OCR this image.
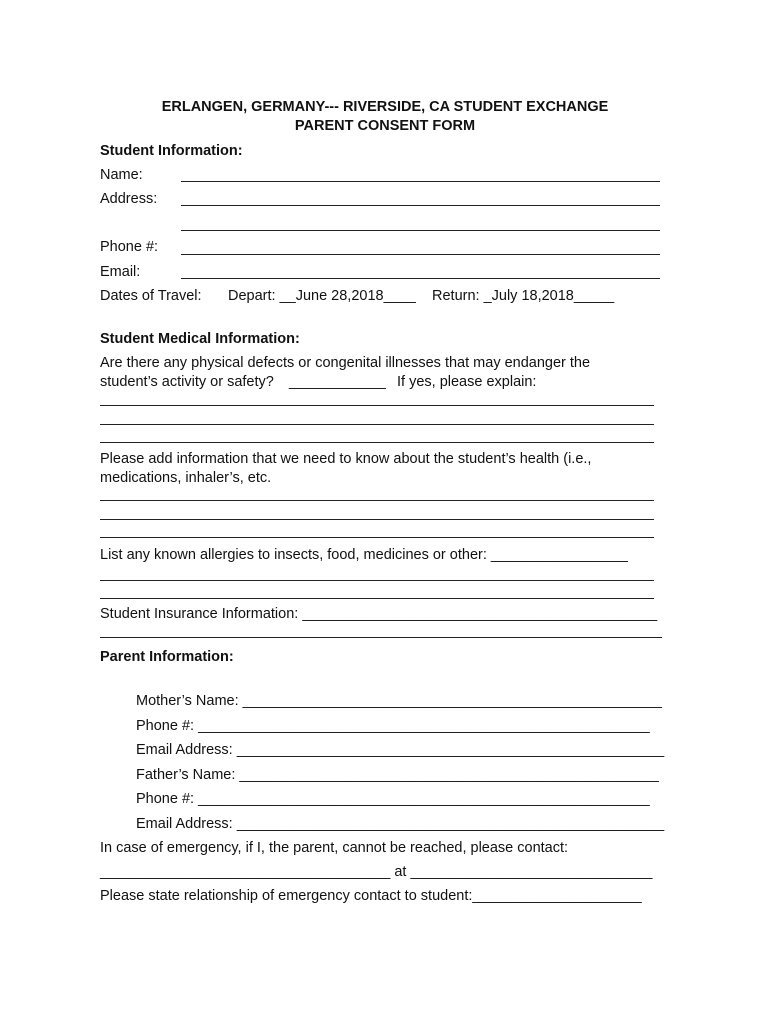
ERLANGEN, GERMANY--- RIVERSIDE, CA STUDENT EXCHANGE
PARENT CONSENT FORM
Student Information:
Name:
Address:
Phone #:
Email:
Dates of Travel: Depart: __June 28,2018____ Return: _July 18,2018_____
Student Medical Information:
Are there any physical defects or congenital illnesses that may endanger the
student’s activity or safety? ____________ If yes, please explain:
Please add information that we need to know about the student’s health (i.e.,
medications, inhaler’s, etc.
List any known allergies to insects, food, medicines or other: _________________
Student Insurance Information: ____________________________________________
Parent Information:
Mother’s Name: ____________________________________________________
Phone #: ________________________________________________________
Email Address: _____________________________________________________
Father’s Name: ____________________________________________________
Phone #: ________________________________________________________
Email Address: _____________________________________________________
In case of emergency, if I, the parent, cannot be reached, please contact:
____________________________________ at ______________________________
Please state relationship of emergency contact to student:_____________________
